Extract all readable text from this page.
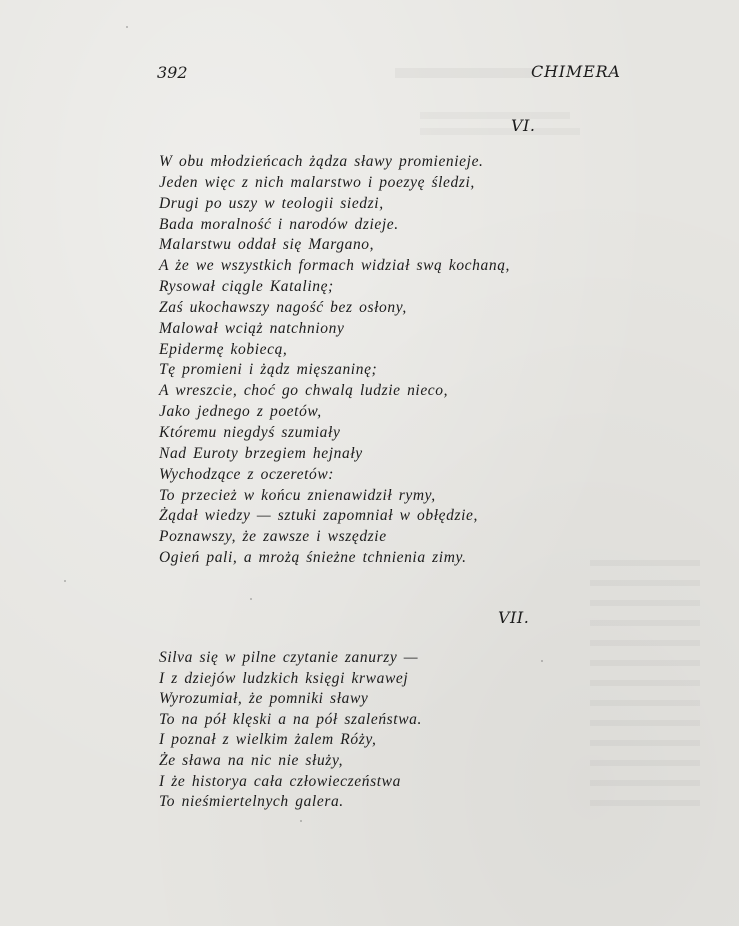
392	CHIMERA
VI.
W obu młodzieńcach żądza sławy promienieje.
Jeden więc z nich malarstwo i poezyę śledzi,
Drugi po uszy w teologii siedzi,
Bada moralność i narodów dzieje.
Malarstwu oddał się Margano,
A że we wszystkich formach widział swą kochaną,
Rysował ciągle Katalinę;
Zaś ukochawszy nagość bez osłony,
Malował wciąż natchniony
Epidermę kobiecą,
Tę promieni i żądz mięszaninę;
A wreszcie, choć go chwalą ludzie nieco,
Jako jednego z poetów,
Któremu niegdyś szumiały
Nad Euroty brzegiem hejnały
Wychodzące z oczeretów:
To przecież w końcu znienawidził rymy,
Żądał wiedzy — sztuki zapomniał w obłędzie,
Poznawszy, że zawsze i wszędzie
Ogień pali, a mrożą śnieżne tchnienia zimy.
VII.
Silva się w pilne czytanie zanurzy —
I z dziejów ludzkich księgi krwawej
Wyrozumiał, że pomniki sławy
To na pół klęski a na pół szaleństwa.
I poznał z wielkim żalem Róży,
Że sława na nic nie służy,
I że historya cała człowieczeństwa
To nieśmiertelnych galera.
